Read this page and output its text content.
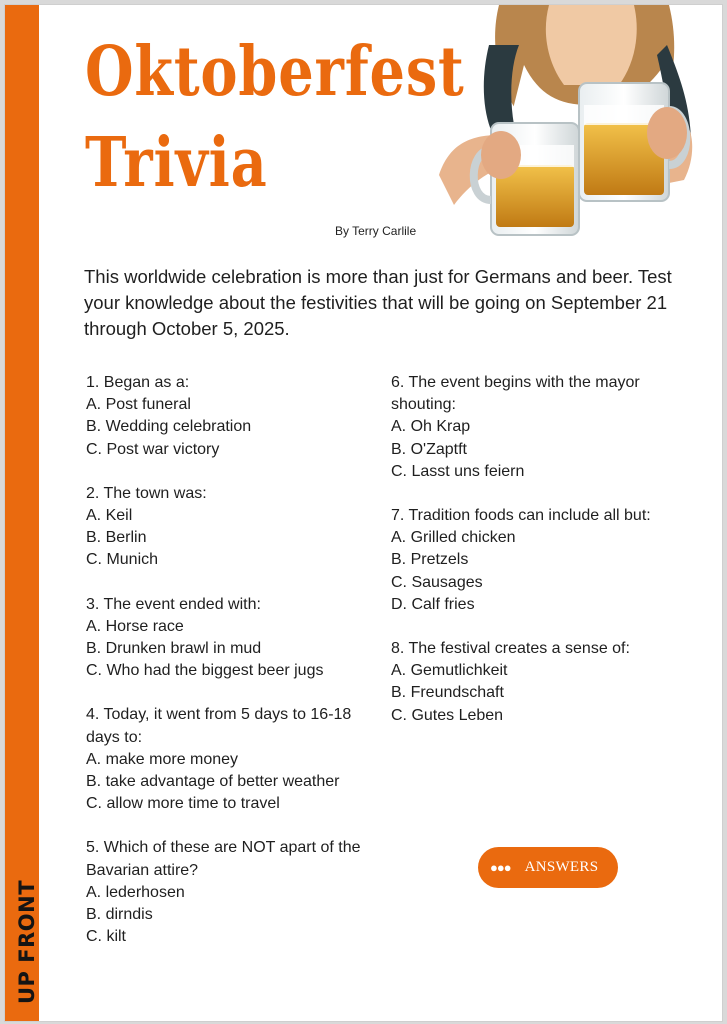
UP FRONT
Oktoberfest
Trivia
By Terry Carlile
This worldwide celebration is more than just for Germans and beer. Test your knowledge about the festivities that will be going on September 21 through October 5, 2025.
1. Began as a:
A. Post funeral
B. Wedding celebration
C. Post war victory
2. The town was:
A. Keil
B. Berlin
C. Munich
3. The event ended with:
A. Horse race
B. Drunken brawl in mud
C. Who had the biggest beer jugs
4. Today, it went from 5 days to 16-18 days to:
A. make more money
B. take advantage of better weather
C. allow more time to travel
5. Which of these are NOT apart of the Bavarian attire?
A. lederhosen
B. dirndis
C. kilt
6. The event begins with the mayor shouting:
A. Oh Krap
B. O'Zaptft
C. Lasst uns feiern
7. Tradition foods can include all but:
A. Grilled chicken
B. Pretzels
C. Sausages
D. Calf fries
8. The festival creates a sense of:
A. Gemutlichkeit
B. Freundschaft
C. Gutes Leben
●●● ANSWERS
